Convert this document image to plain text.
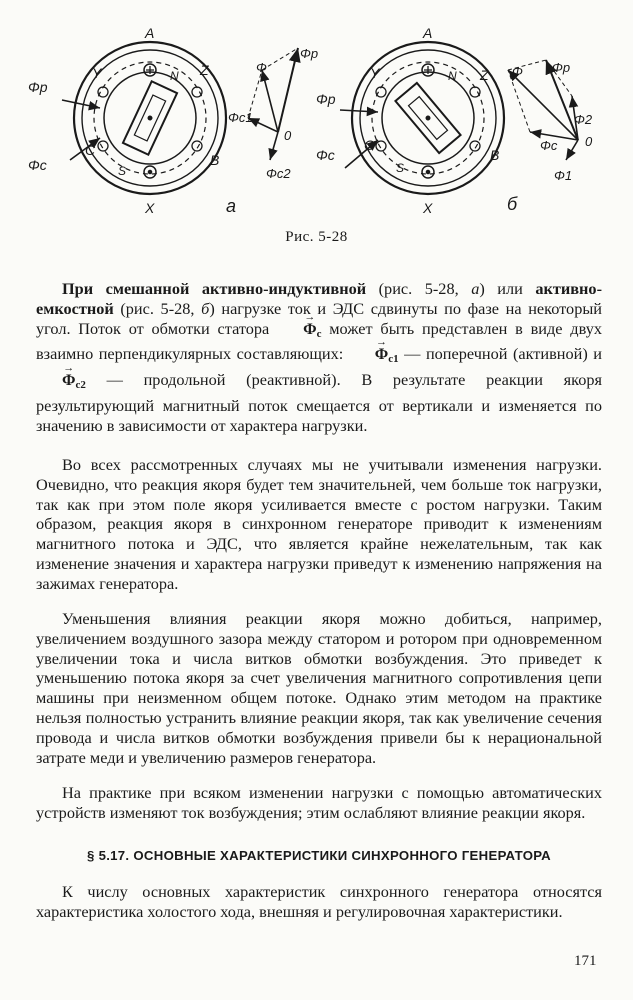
A
X
Y	Z
B
C
N
S
Φр
Φс
Φр
Φ
Φс1
Φс2
0
а
A
X
Y	Z
B
C
N
S
Φр
Φс
Φр
Φ
Φ2
Φс
Φ1
0
б
Рис. 5-28

При смешанной активно-индуктивной (рис. 5-28, а) или активно-емкостной (рис. 5-28, б) нагрузке ток и ЭДС сдвинуты по фазе на некоторый угол. Поток от обмотки статора → $\Phi_с$ может быть представлен в виде двух взаимно перпендикулярных составляющих: → $\Phi_{с1}$ — поперечной (активной) $и \to \Phi_{с2}$ — продольной (реактивной). В результате реакции якоря результирующий магнитный поток смещается от вертикали и изменяется по значению в зависимости от характера нагрузки.

Во всех рассмотренных случаях мы не учитывали изменения нагрузки. Очевидно, что реакция якоря будет тем значительней, чем больше ток нагрузки, так как при этом поле якоря усиливается вместе с ростом нагрузки. Таким образом, реакция якоря в синхронном генераторе приводит к изменениям магнитного потока и ЭДС, что является крайне нежелательным, так как изменение значения и характера нагрузки приведут к изменению напряжения на зажимах генератора.

Уменьшения влияния реакции якоря можно добиться, например, увеличением воздушного зазора между статором и ротором при одновременном увеличении тока и числа витков обмотки возбуждения. Это приведет к уменьшению потока якоря за счет увеличения магнитного сопротивления цепи машины при неизменном общем потоке. Однако этим методом на практике нельзя полностью устранить влияние реакции якоря, так как увеличение сечения провода и числа витков обмотки возбуждения привели бы к нерациональной затрате меди и увеличению размеров генератора.

На практике при всяком изменении нагрузки с помощью автоматических устройств изменяют ток возбуждения; этим ослабляют влияние реакции якоря.

§ 5.17. ОСНОВНЫЕ ХАРАКТЕРИСТИКИ СИНХРОННОГО ГЕНЕРАТОРА

К числу основных характеристик синхронного генератора относятся характеристика холостого хода, внешняя и регулировочная характеристики.

171
